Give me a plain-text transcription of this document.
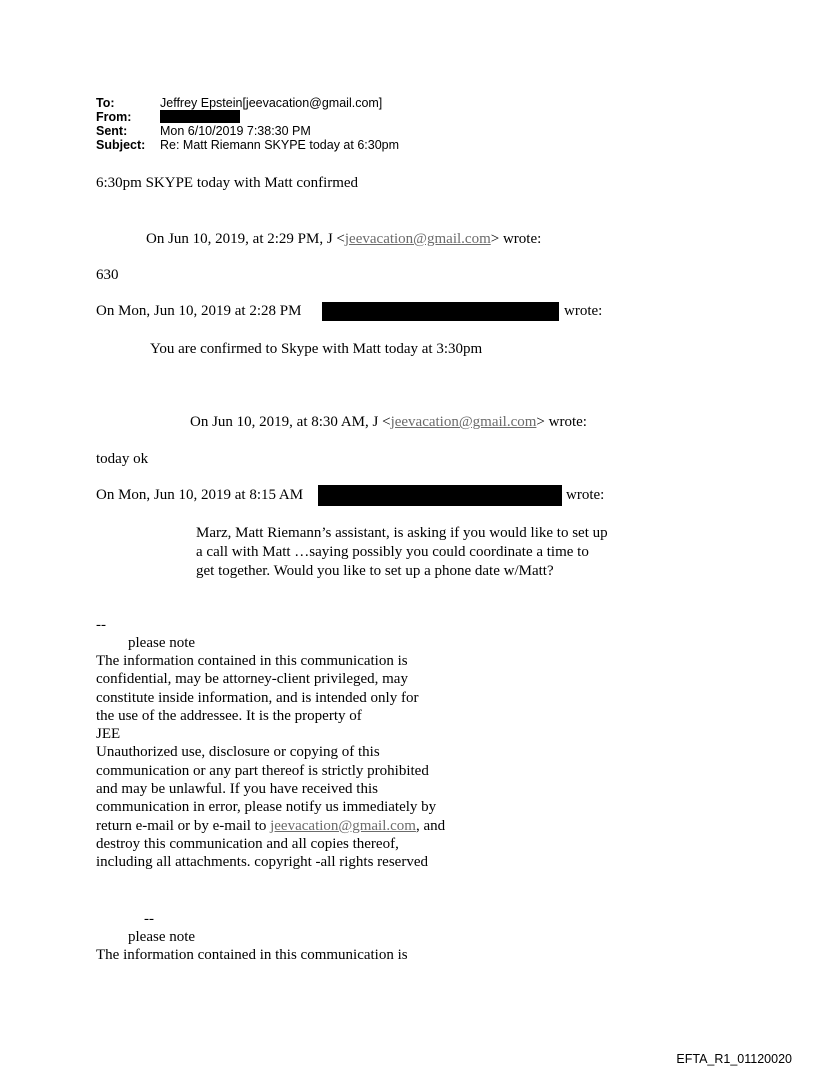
To:	Jeffrey Epstein[jeevacation@gmail.com]
From:
Sent:	Mon 6/10/2019 7:38:30 PM
Subject:	Re: Matt Riemann SKYPE today at 6:30pm
6:30pm SKYPE today with Matt confirmed
On Jun 10, 2019, at 2:29 PM, J <jeevacation@gmail.com> wrote:
630
On Mon, Jun 10, 2019 at 2:28 PM	wrote:
You are confirmed to Skype with Matt today at 3:30pm
On Jun 10, 2019, at 8:30 AM, J <jeevacation@gmail.com> wrote:
today ok
On Mon, Jun 10, 2019 at 8:15 AM	wrote:
Marz, Matt Riemann’s assistant, is asking if you would like to set up
a call with Matt …saying possibly you could coordinate a time to
get together. Would you like to set up a phone date w/Matt?
--
please note
The information contained in this communication is
confidential, may be attorney-client privileged, may
constitute inside information, and is intended only for
the use of the addressee. It is the property of
JEE
Unauthorized use, disclosure or copying of this
communication or any part thereof is strictly prohibited
and may be unlawful. If you have received this
communication in error, please notify us immediately by
return e-mail or by e-mail to jeevacation@gmail.com, and
destroy this communication and all copies thereof,
including all attachments. copyright -all rights reserved
--
please note
The information contained in this communication is
EFTA_R1_01120020
